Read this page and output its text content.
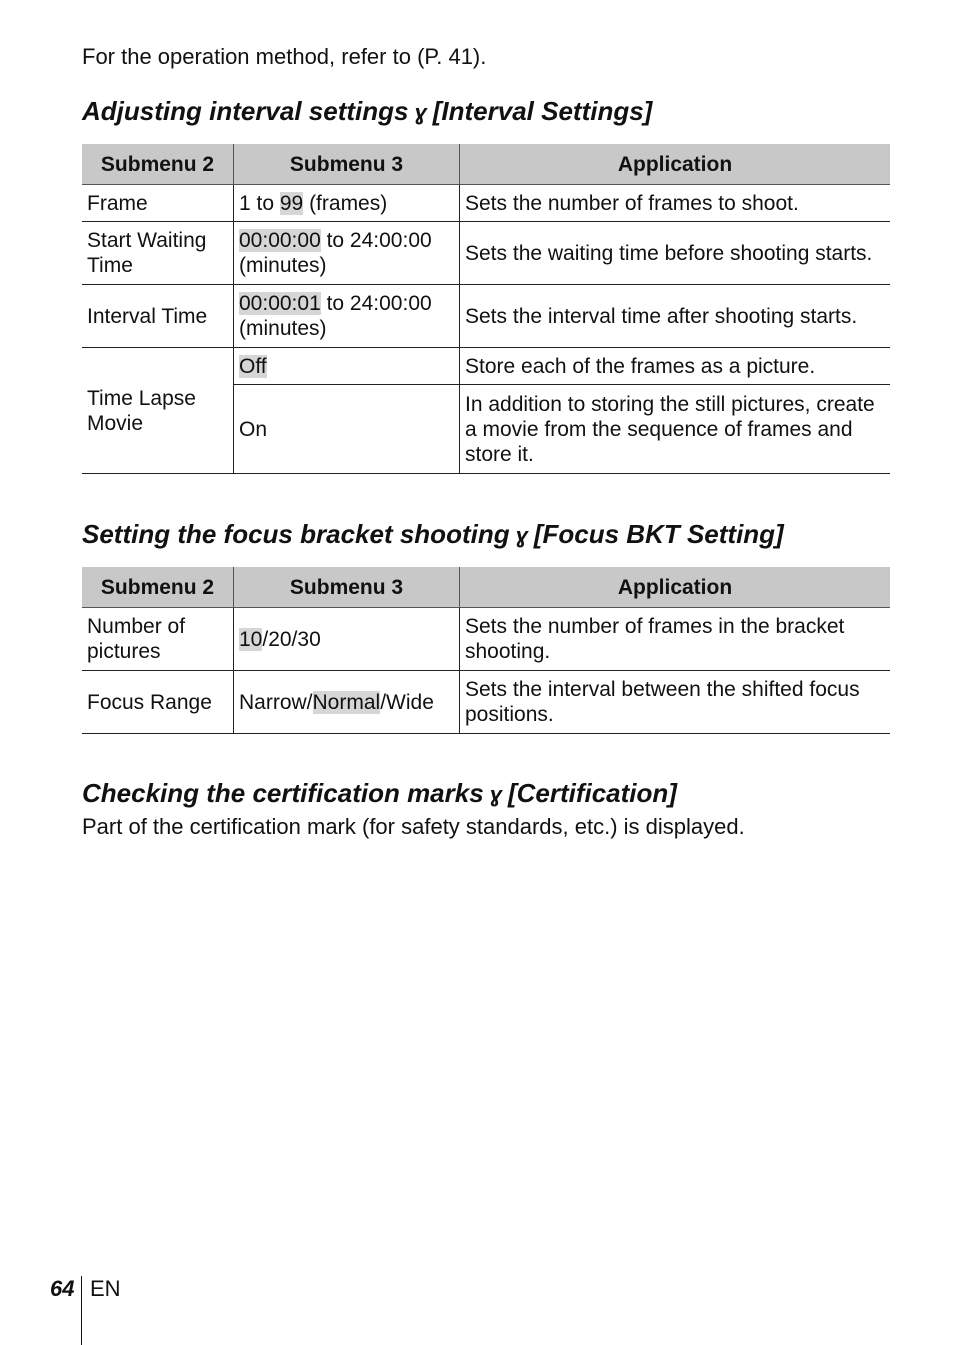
For the operation method, refer to (P. 41).
Adjusting interval settings ɣ [Interval Settings]
Submenu 2	Submenu 3	Application
Frame	1 to 99 (frames)	Sets the number of frames to shoot.
Start Waiting Time	00:00:00 to 24:00:00 (minutes)	Sets the waiting time before shooting starts.
Interval Time	00:00:01 to 24:00:00 (minutes)	Sets the interval time after shooting starts.
Time Lapse Movie	Off	Store each of the frames as a picture.
	On	In addition to storing the still pictures, create a movie from the sequence of frames and store it.
Setting the focus bracket shooting ɣ [Focus BKT Setting]
Submenu 2	Submenu 3	Application
Number of pictures	10/20/30	Sets the number of frames in the bracket shooting.
Focus Range	Narrow/Normal/Wide	Sets the interval between the shifted focus positions.
Checking the certification marks ɣ [Certification]
Part of the certification mark (for safety standards, etc.) is displayed.
64 EN
